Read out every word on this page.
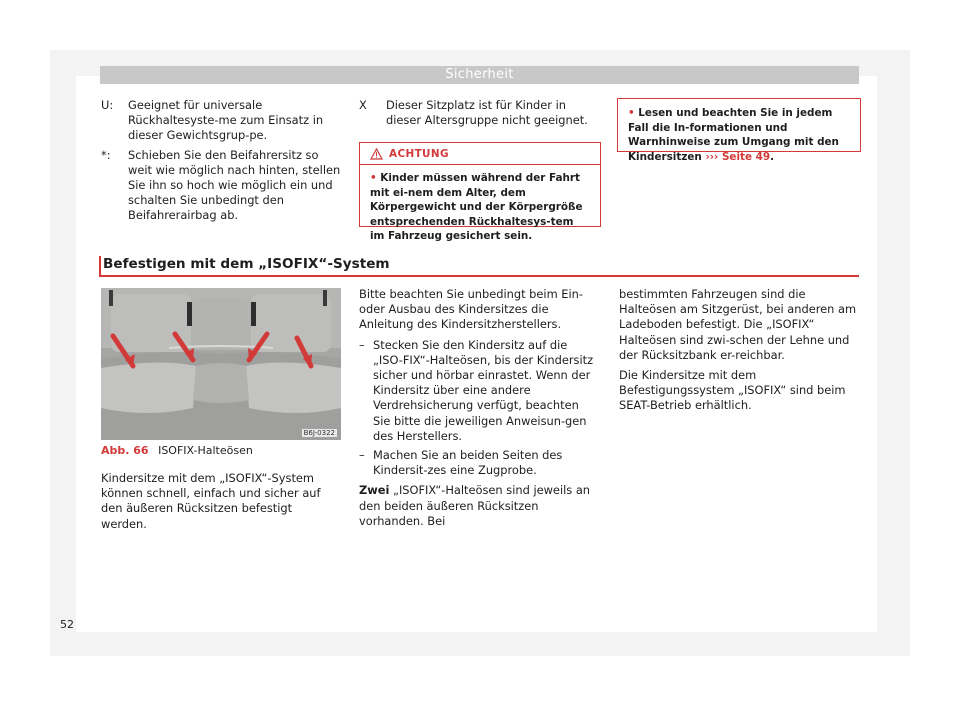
Sicherheit
U: Geeignet für universale Rückhaltesyste-me zum Einsatz in dieser Gewichtsgrup-pe.
*: Schieben Sie den Beifahrersitz so weit wie möglich nach hinten, stellen Sie ihn so hoch wie möglich ein und schalten Sie unbedingt den Beifahrerairbag ab.
X Dieser Sitzplatz ist für Kinder in dieser Altersgruppe nicht geeignet.
ACHTUNG
• Kinder müssen während der Fahrt mit ei-nem dem Alter, dem Körpergewicht und der Körpergröße entsprechenden Rückhaltesys-tem im Fahrzeug gesichert sein.
• Lesen und beachten Sie in jedem Fall die In-formationen und Warnhinweise zum Umgang mit den Kindersitzen ››› Seite 49.
Befestigen mit dem „ISOFIX“-System
B6J-0322
Abb. 66 ISOFIX-Halteösen
Kindersitze mit dem „ISOFIX“-System können schnell, einfach und sicher auf den äußeren Rücksitzen befestigt werden.

Bitte beachten Sie unbedingt beim Ein- oder Ausbau des Kindersitzes die Anleitung des Kindersitzherstellers.

– Stecken Sie den Kindersitz auf die „ISO-FIX“-Halteösen, bis der Kindersitz sicher und hörbar einrastet. Wenn der Kindersitz über eine andere Verdrehsicherung verfügt, beachten Sie bitte die jeweiligen Anweisun-gen des Herstellers.
– Machen Sie an beiden Seiten des Kindersit-zes eine Zugprobe.

Zwei „ISOFIX“-Halteösen sind jeweils an den beiden äußeren Rücksitzen vorhanden. Bei

bestimmten Fahrzeugen sind die Halteösen am Sitzgerüst, bei anderen am Ladeboden befestigt. Die „ISOFIX“ Halteösen sind zwi-schen der Lehne und der Rücksitzbank er-reichbar.

Die Kindersitze mit dem Befestigungssystem „ISOFIX“ sind beim SEAT-Betrieb erhältlich.

52
